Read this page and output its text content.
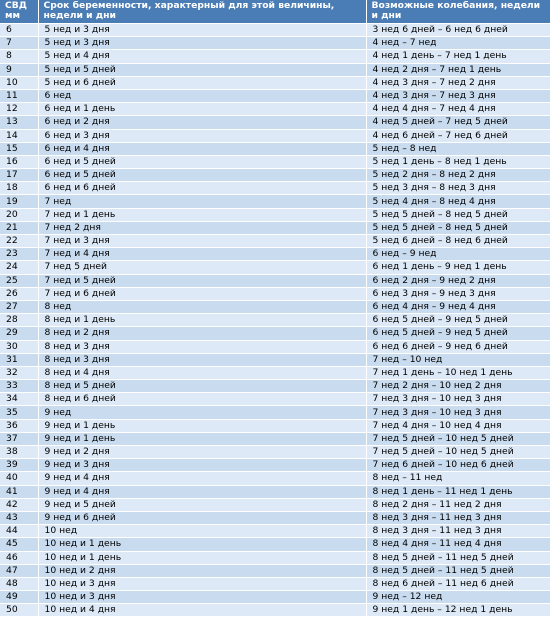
СВД мм	Срок беременности, характерный для этой величины, недели и дни	Возможные колебания, недели и дни
6	5 нед и 3 дня	3 нед 6 дней – 6 нед 6 дней
7	5 нед и 3 дня	4 нед – 7 нед
8	5 нед и 4 дня	4 нед 1 день – 7 нед 1 день
9	5 нед и 5 дней	4 нед 2 дня – 7 нед 1 день
10	5 нед и 6 дней	4 нед 3 дня – 7 нед 2 дня
11	6 нед	4 нед 3 дня – 7 нед 3 дня
12	6 нед и 1 день	4 нед 4 дня – 7 нед 4 дня
13	6 нед и 2 дня	4 нед 5 дней – 7 нед 5 дней
14	6 нед и 3 дня	4 нед 6 дней – 7 нед 6 дней
15	6 нед и 4 дня	5 нед – 8 нед
16	6 нед и 5 дней	5 нед 1 день – 8 нед 1 день
17	6 нед и 5 дней	5 нед 2 дня – 8 нед 2 дня
18	6 нед и 6 дней	5 нед 3 дня – 8 нед 3 дня
19	7 нед	5 нед 4 дня – 8 нед 4 дня
20	7 нед и 1 день	5 нед 5 дней – 8 нед 5 дней
21	7 нед 2 дня	5 нед 5 дней – 8 нед 5 дней
22	7 нед и 3 дня	5 нед 6 дней – 8 нед 6 дней
23	7 нед и 4 дня	6 нед – 9 нед
24	7 нед 5 дней	6 нед 1 день – 9 нед 1 день
25	7 нед и 5 дней	6 нед 2 дня – 9 нед 2 дня
26	7 нед и 6 дней	6 нед 3 дня – 9 нед 3 дня
27	8 нед	6 нед 4 дня – 9 нед 4 дня
28	8 нед и 1 день	6 нед 5 дней – 9 нед 5 дней
29	8 нед и 2 дня	6 нед 5 дней – 9 нед 5 дней
30	8 нед и 3 дня	6 нед 6 дней – 9 нед 6 дней
31	8 нед и 3 дня	7 нед – 10 нед
32	8 нед и 4 дня	7 нед 1 день – 10 нед 1 день
33	8 нед и 5 дней	7 нед 2 дня – 10 нед 2 дня
34	8 нед и 6 дней	7 нед 3 дня – 10 нед 3 дня
35	9 нед	7 нед 3 дня – 10 нед 3 дня
36	9 нед и 1 день	7 нед 4 дня – 10 нед 4 дня
37	9 нед и 1 день	7 нед 5 дней – 10 нед 5 дней
38	9 нед и 2 дня	7 нед 5 дней – 10 нед 5 дней
39	9 нед и 3 дня	7 нед 6 дней – 10 нед 6 дней
40	9 нед и 4 дня	8 нед – 11 нед
41	9 нед и 4 дня	8 нед 1 день – 11 нед 1 день
42	9 нед и 5 дней	8 нед 2 дня – 11 нед 2 дня
43	9 нед и 6 дней	8 нед 3 дня – 11 нед 3 дня
44	10 нед	8 нед 3 дня – 11 нед 3 дня
45	10 нед и 1 день	8 нед 4 дня – 11 нед 4 дня
46	10 нед и 1 день	8 нед 5 дней – 11 нед 5 дней
47	10 нед и 2 дня	8 нед 5 дней – 11 нед 5 дней
48	10 нед и 3 дня	8 нед 6 дней – 11 нед 6 дней
49	10 нед и 3 дня	9 нед – 12 нед
50	10 нед и 4 дня	9 нед 1 день – 12 нед 1 день
